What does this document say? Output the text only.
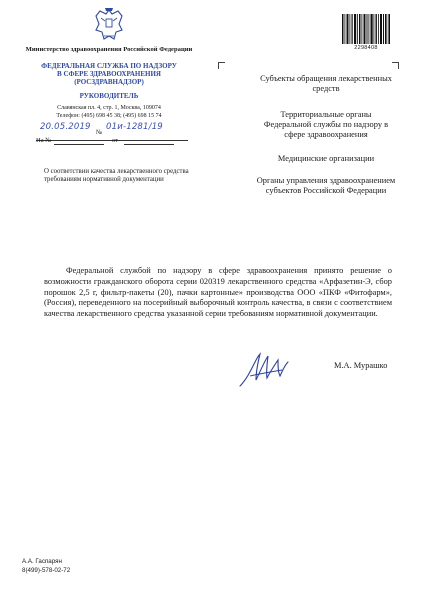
Министерство здравоохранения Российской Федерации
ФЕДЕРАЛЬНАЯ СЛУЖБА ПО НАДЗОРУ
В СФЕРЕ ЗДРАВООХРАНЕНИЯ
(РОСЗДРАВНАДЗОР)
РУКОВОДИТЕЛЬ
Славянская пл. 4, стр. 1, Москва, 109074
Телефон: (495) 698 45 38; (495) 698 15 74
20.05.2019
№
01и-1281/19
На №	от
О соответствии качества лекарственного средства требованиям нормативной документации
2298408
Субъекты обращения лекарственных средств
Территориальные органы Федеральной службы по надзору в сфере здравоохранения
Медицинские организации
Органы управления здравоохранением субъектов Российской Федерации
Федеральной службой по надзору в сфере здравоохранения принято решение о возможности гражданского оборота серии 020319 лекарственного средства «Арфазетин-Э, сбор порошок 2,5 г, фильтр-пакеты (20), пачки картонные» производства ООО «ПКФ «Фитофарм», (Россия), переведенного на посерийный выборочный контроль качества, в связи с соответствием качества лекарственного средства указанной серии требованиям нормативной документации.
М.А. Мурашко
А.А. Гаспарян
8(499)-578-02-72
